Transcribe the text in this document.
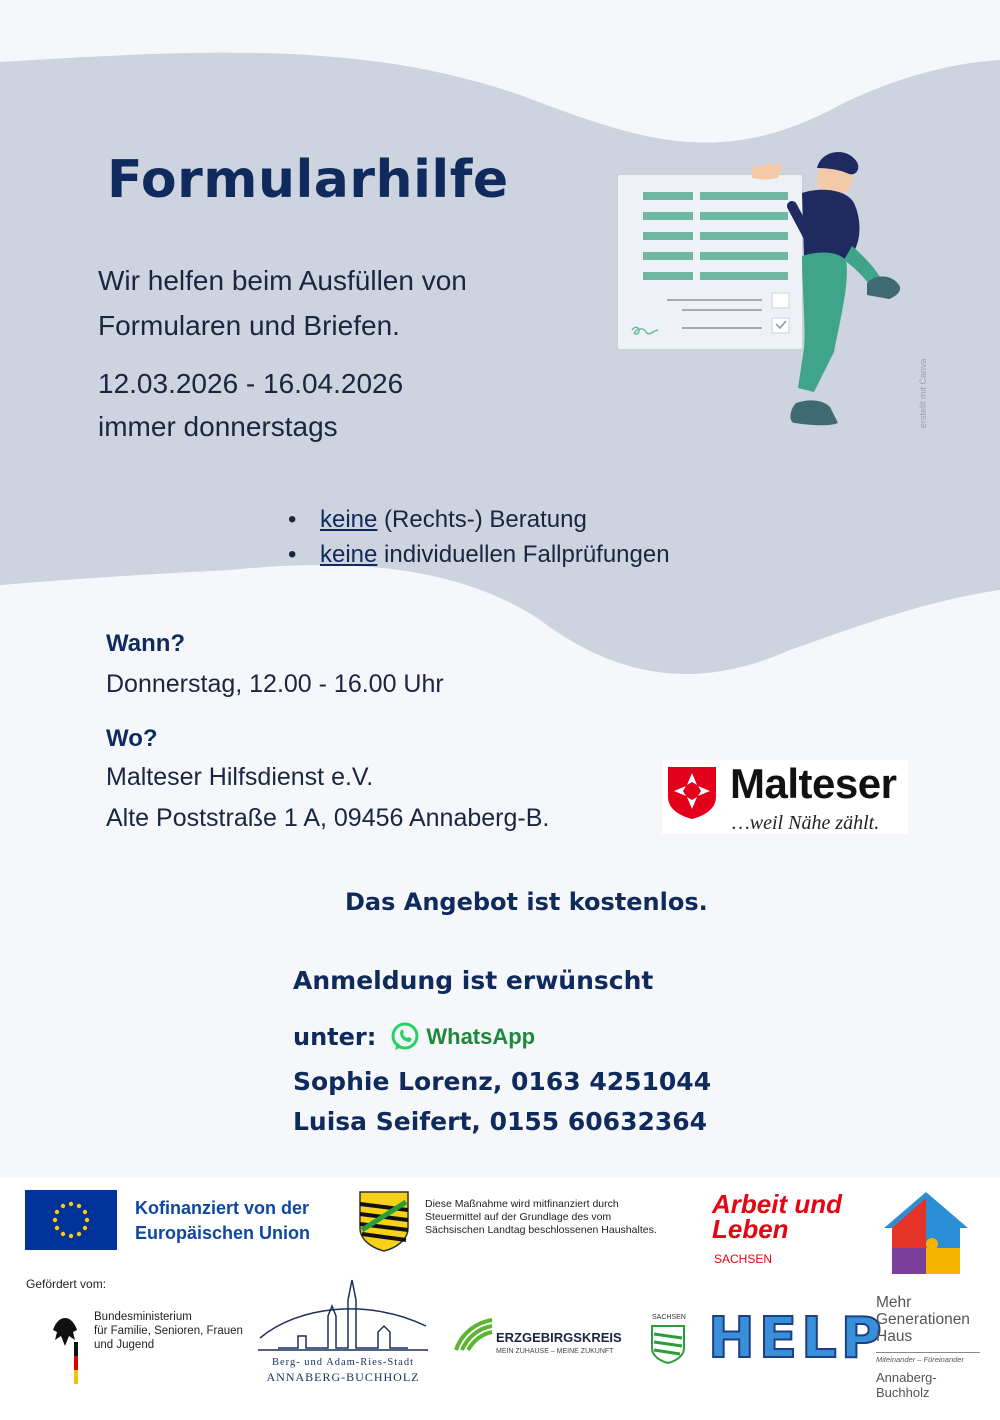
Formularhilfe
Wir helfen beim Ausfüllen von
Formularen und Briefen.
12.03.2026 - 16.04.2026
immer donnerstags	erstellt mit Canva
• keine (Rechts-) Beratung
• keine individuellen Fallprüfungen
Wann?
Donnerstag, 12.00 - 16.00 Uhr
Wo?
Malteser Hilfsdienst e.V.
Alte Poststraße 1 A, 09456 Annaberg-B.
Malteser
…weil Nähe zählt.
Das Angebot ist kostenlos.
Anmeldung ist erwünscht
unter: WhatsApp
Sophie Lorenz, 0163 4251044
Luisa Seifert, 0155 60632364
Kofinanziert von der
Europäischen Union
Diese Maßnahme wird mitfinanziert durch
Steuermittel auf der Grundlage des vom
Sächsischen Landtag beschlossenen Haushaltes.
Arbeit und
Leben
SACHSEN
Gefördert vom:
Bundesministerium
für Familie, Senioren, Frauen
und Jugend
Berg- und Adam-Ries-Stadt
ANNABERG-BUCHHOLZ
ERZGEBIRGSKREIS
MEIN ZUHAUSE – MEINE ZUKUNFT
SACHSEN HELP
Mehr
Generationen
Haus
Miteinander – Füreinander
Annaberg-
Buchholz
